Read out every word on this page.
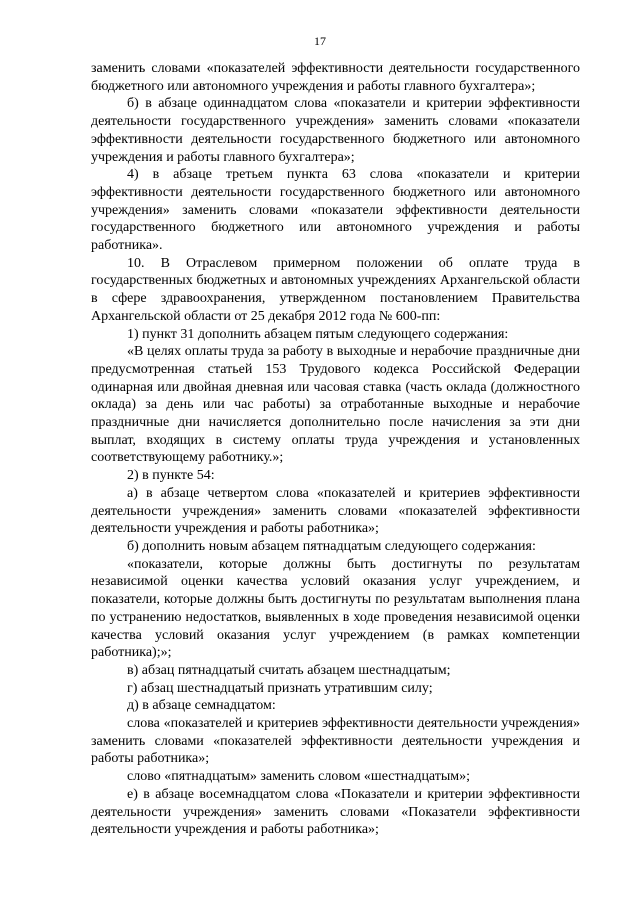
17

заменить словами «показателей эффективности деятельности государственного бюджетного или автономного учреждения и работы главного бухгалтера»;

б) в абзаце одиннадцатом слова «показатели и критерии эффективности деятельности государственного учреждения» заменить словами «показатели эффективности деятельности государственного бюджетного или автономного учреждения и работы главного бухгалтера»;

4) в абзаце третьем пункта 63 слова «показатели и критерии эффективности деятельности государственного бюджетного или автономного учреждения» заменить словами «показатели эффективности деятельности государственного бюджетного или автономного учреждения и работы работника».

10. В Отраслевом примерном положении об оплате труда в государственных бюджетных и автономных учреждениях Архангельской области в сфере здравоохранения, утвержденном постановлением Правительства Архангельской области от 25 декабря 2012 года № 600-пп:

1) пункт 31 дополнить абзацем пятым следующего содержания:

«В целях оплаты труда за работу в выходные и нерабочие праздничные дни предусмотренная статьей 153 Трудового кодекса Российской Федерации одинарная или двойная дневная или часовая ставка (часть оклада (должностного оклада) за день или час работы) за отработанные выходные и нерабочие праздничные дни начисляется дополнительно после начисления за эти дни выплат, входящих в систему оплаты труда учреждения и установленных соответствующему работнику.»;

2) в пункте 54:

а) в абзаце четвертом слова «показателей и критериев эффективности деятельности учреждения» заменить словами «показателей эффективности деятельности учреждения и работы работника»;

б) дополнить новым абзацем пятнадцатым следующего содержания:

«показатели, которые должны быть достигнуты по результатам независимой оценки качества условий оказания услуг учреждением, и показатели, которые должны быть достигнуты по результатам выполнения плана по устранению недостатков, выявленных в ходе проведения независимой оценки качества условий оказания услуг учреждением (в рамках компетенции работника);»;

в) абзац пятнадцатый считать абзацем шестнадцатым;

г) абзац шестнадцатый признать утратившим силу;

д) в абзаце семнадцатом:

слова «показателей и критериев эффективности деятельности учреждения» заменить словами «показателей эффективности деятельности учреждения и работы работника»;

слово «пятнадцатым» заменить словом «шестнадцатым»;

е) в абзаце восемнадцатом слова «Показатели и критерии эффективности деятельности учреждения» заменить словами «Показатели эффективности деятельности учреждения и работы работника»;
